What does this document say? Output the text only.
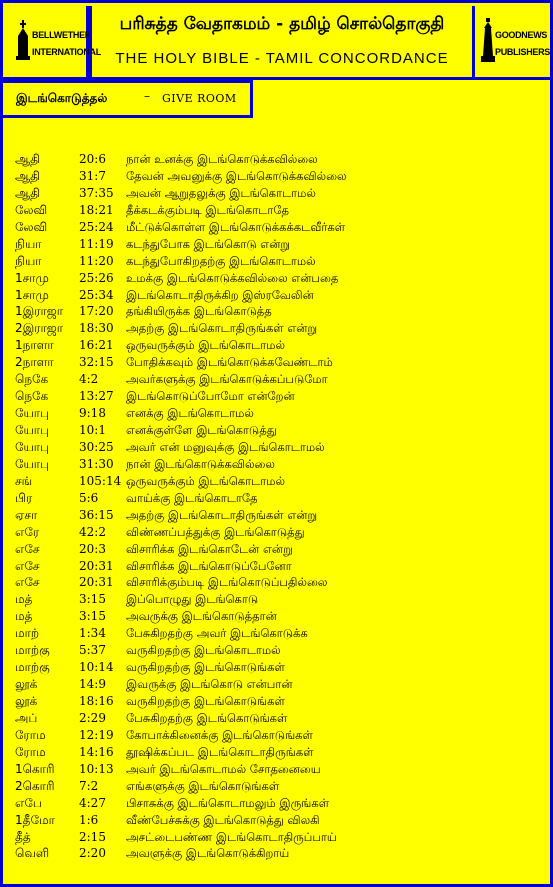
BELLWETHER
INTERNATIONAL
பரிசுத்த வேதாகமம் - தமிழ் சொல்தொகுதி
THE HOLY BIBLE - TAMIL CONCORDANCE
GOODNEWS
PUBLISHERS
இடங்கொடுத்தல்	– GIVE ROOM
ஆதி	20:6 நான் உனக்கு இடங்கொடுக்கவில்லை
ஆதி	31:7 தேவன் அவனுக்கு இடங்கொடுக்கவில்லை
ஆதி	37:35 அவன் ஆறுதலுக்கு இடங்கொடாமல்
லேவி	18:21 தீக்கடக்கும்படி இடங்கொடாதே
லேவி	25:24 மீட்டுக்கொள்ள இடங்கொடுக்கக்கடவீர்கள்
நியா	11:19 கடந்துபோக இடங்கொடு என்று
நியா	11:20 கடந்துபோகிறதற்கு இடங்கொடாமல்
1சாமு	25:26 உமக்கு இடங்கொடுக்கவில்லை என்பதை
1சாமு	25:34 இடங்கொடாதிருக்கிற இஸ்ரவேலின்
1இராஜா 17:20 தங்கியிருக்க இடங்கொடுத்த
2இராஜா 18:30 அதற்கு இடங்கொடாதிருங்கள் என்று
1நாளா 16:21 ஒருவருக்கும் இடங்கொடாமல்
2நாளா 32:15 போதிக்கவும் இடங்கொடுக்கவேண்டாம்
நெகே	4:2 அவர்களுக்கு இடங்கொடுக்கப்படுமோ
நெகே	13:27 இடங்கொடுப்போமோ என்றேன்
யோபு 9:18 எனக்கு இடங்கொடாமல்
யோபு 10:1 எனக்குள்ளே இடங்கொடுத்து
யோபு 30:25 அவர் என் மனுவுக்கு இடங்கொடாமல்
யோபு 31:30 நான் இடங்கொடுக்கவில்லை
சங்	105:14 ஒருவருக்கும் இடங்கொடாமல்
பிர	5:6 வாய்க்கு இடங்கொடாதே
ஏசா	36:15 அதற்கு இடங்கொடாதிருங்கள் என்று
எரே	42:2 விண்ணப்பத்துக்கு இடங்கொடுத்து
எசே	20:3 விசாரிக்க இடங்கொடேன் என்று
எசே	20:31 விசாரிக்க இடங்கொடுப்பேனோ
எசே	20:31 விசாரிக்கும்படி இடங்கொடுப்பதில்லை
மத்	3:15 இப்பொழுது இடங்கொடு
மத்	3:15 அவருக்கு இடங்கொடுத்தான்
மாற்	1:34 பேசுகிறதற்கு அவர் இடங்கொடுக்க
மாற்கு 5:37 வருகிறதற்கு இடங்கொடாமல்
மாற்கு 10:14 வருகிறதற்கு இடங்கொடுங்கள்
லூக்	14:9 இவருக்கு இடங்கொடு என்பான்
லூக்	18:16 வருகிறதற்கு இடங்கொடுங்கள்
அப்	2:29 பேசுகிறதற்கு இடங்கொடுங்கள்
ரோம	12:19 கோபாக்கினைக்கு இடங்கொடுங்கள்
ரோம	14:16 தூஷிக்கப்பட இடங்கொடாதிருங்கள்
1கொரி 10:13 அவர் இடங்கொடாமல் சோதனையை
2கொரி 7:2 எங்களுக்கு இடங்கொடுங்கள்
எபே	4:27 பிசாசுக்கு இடங்கொடாமலும் இருங்கள்
1தீமோ 1:6 வீண்பேச்சுக்கு இடங்கொடுத்து விலகி
தீத்	2:15 அசட்டைபண்ண இடங்கொடாதிருப்பாய்
வெளி 2:20 அவளுக்கு இடங்கொடுக்கிறாய்
